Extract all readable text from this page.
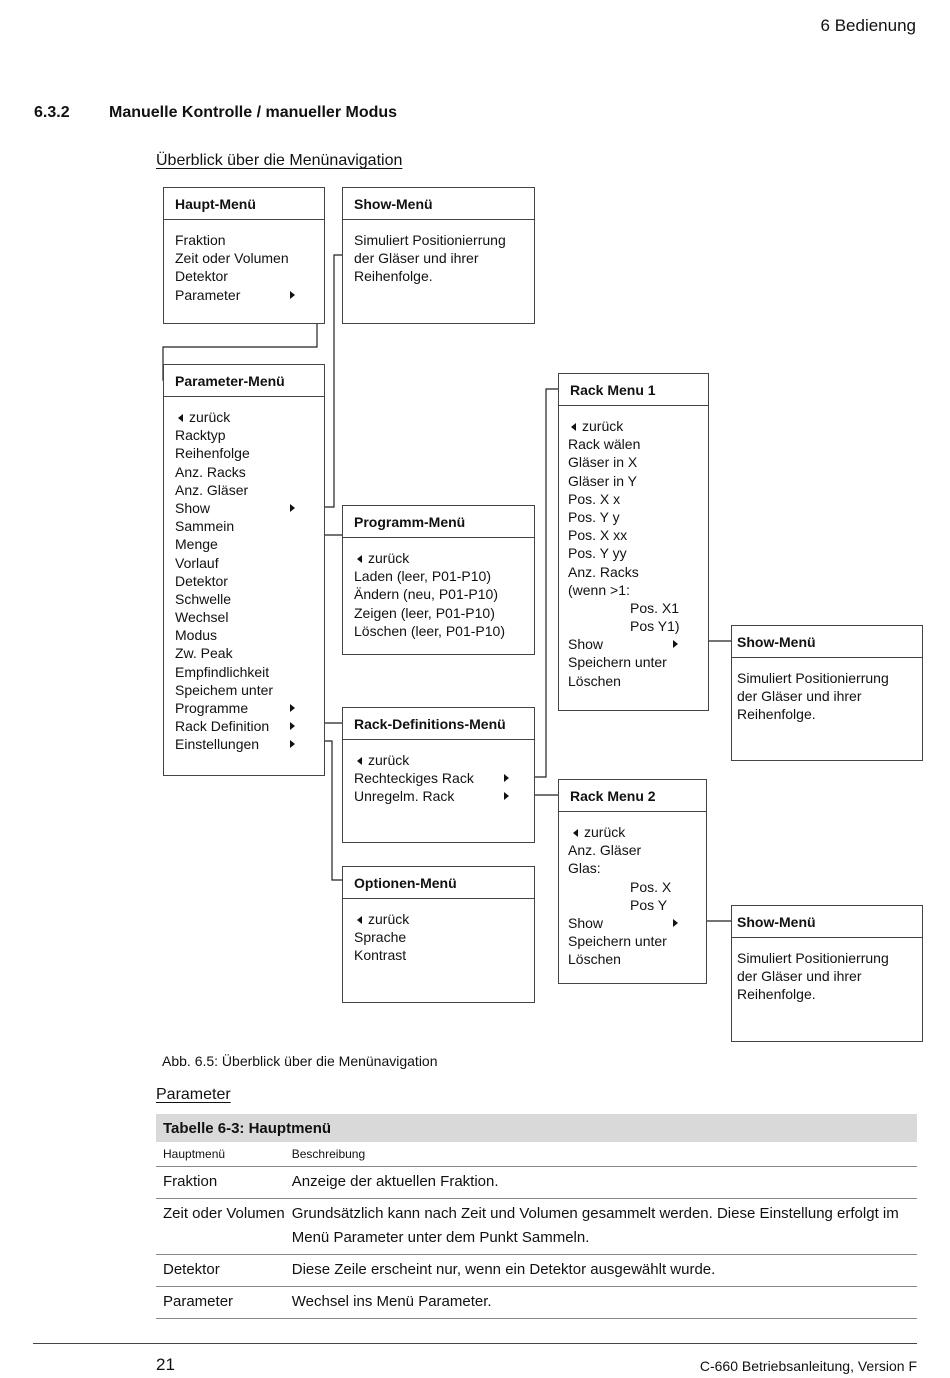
6 Bedienung
6.3.2 Manuelle Kontrolle / manueller Modus
Überblick über die Menünavigation
Haupt-Menü
Fraktion
Zeit oder Volumen
Detektor
Parameter
Show-Menü
Simuliert Positionierrung
der Gläser und ihrer
Reihenfolge.
Parameter-Menü
zurück
Racktyp
Reihenfolge
Anz. Racks
Anz. Gläser
Show
Sammein
Menge
Vorlauf
Detektor
Schwelle
Wechsel
Modus
Zw. Peak
Empfindlichkeit
Speichem unter
Programme
Rack Definition
Einstellungen
Programm-Menü
zurück
Laden (leer, P01-P10)
Ändern (neu, P01-P10)
Zeigen (leer, P01-P10)
Löschen (leer, P01-P10)
Rack-Definitions-Menü
zurück
Rechteckiges Rack
Unregelm. Rack
Optionen-Menü
zurück
Sprache
Kontrast
Rack Menu 1
zurück
Rack wälen
Gläser in X
Gläser in Y
Pos. X x
Pos. Y y
Pos. X xx
Pos. Y yy
Anz. Racks
(wenn >1:
Pos. X1
Pos Y1)
Show
Speichern unter
Löschen
Rack Menu 2
zurück
Anz. Gläser
Glas:
Pos. X
Pos Y
Show
Speichern unter
Löschen
Show-Menü
Simuliert Positionierrung
der Gläser und ihrer
Reihenfolge.
Show-Menü
Simuliert Positionierrung
der Gläser und ihrer
Reihenfolge.
Abb. 6.5: Überblick über die Menünavigation
Parameter
Tabelle 6-3: Hauptmenü
Hauptmenü	Beschreibung
Fraktion	Anzeige der aktuellen Fraktion.
Zeit oder Volumen	Grundsätzlich kann nach Zeit und Volumen gesammelt werden. Diese Einstellung erfolgt im Menü Parameter unter dem Punkt Sammeln.
Detektor	Diese Zeile erscheint nur, wenn ein Detektor ausgewählt wurde.
Parameter	Wechsel ins Menü Parameter.
21	C-660 Betriebsanleitung, Version F
